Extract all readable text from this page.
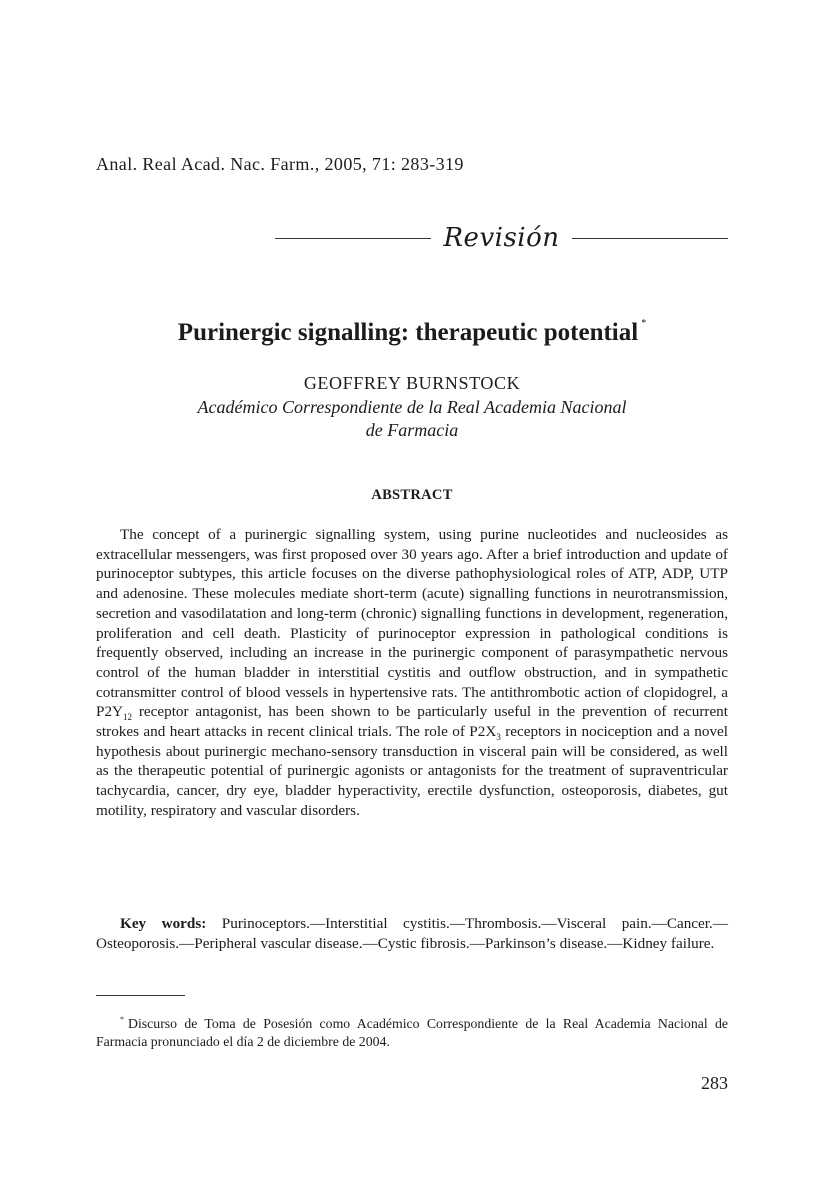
Anal. Real Acad. Nac. Farm., 2005, 71: 283-319

Revisión
Purinergic signalling: therapeutic potential *
GEOFFREY BURNSTOCK
Académico Correspondiente de la Real Academia Nacional
de Farmacia
ABSTRACT

The concept of a purinergic signalling system, using purine nucleotides and nucleosides as extracellular messengers, was first proposed over 30 years ago. After a brief introduction and update of purinoceptor subtypes, this article focuses on the diverse pathophysiological roles of ATP, ADP, UTP and adenosine. These molecules mediate short-term (acute) signalling functions in neurotransmission, secretion and vasodilatation and long-term (chronic) signalling functions in development, regeneration, proliferation and cell death. Plasticity of purinoceptor expression in pathological conditions is frequently observed, including an increase in the purinergic component of parasympathetic nervous control of the human bladder in interstitial cystitis and outflow obstruction, and in sympathetic cotransmitter control of blood vessels in hypertensive rats. The antithrombotic action of clopidogrel, a $P2Y_{12}$ receptor antagonist, has been shown to be particularly useful in the prevention of recurrent strokes and heart attacks in recent clinical trials. The role of $P2X_3$ receptors in nociception and a novel hypothesis about purinergic mechano-sensory transduction in visceral pain will be considered, as well as the therapeutic potential of purinergic agonists or antagonists for the treatment of supraventricular tachycardia, cancer, dry eye, bladder hyperactivity, erectile dysfunction, osteoporosis, diabetes, gut motility, respiratory and vascular disorders.

Key words: Purinoceptors.—Interstitial cystitis.—Thrombosis.—Visceral pain.—Cancer.—Osteoporosis.—Peripheral vascular disease.—Cystic fibrosis.—Parkinson’s disease.—Kidney failure.

* Discurso de Toma de Posesión como Académico Correspondiente de la Real Academia Nacional de Farmacia pronunciado el día 2 de diciembre de 2004.

283
